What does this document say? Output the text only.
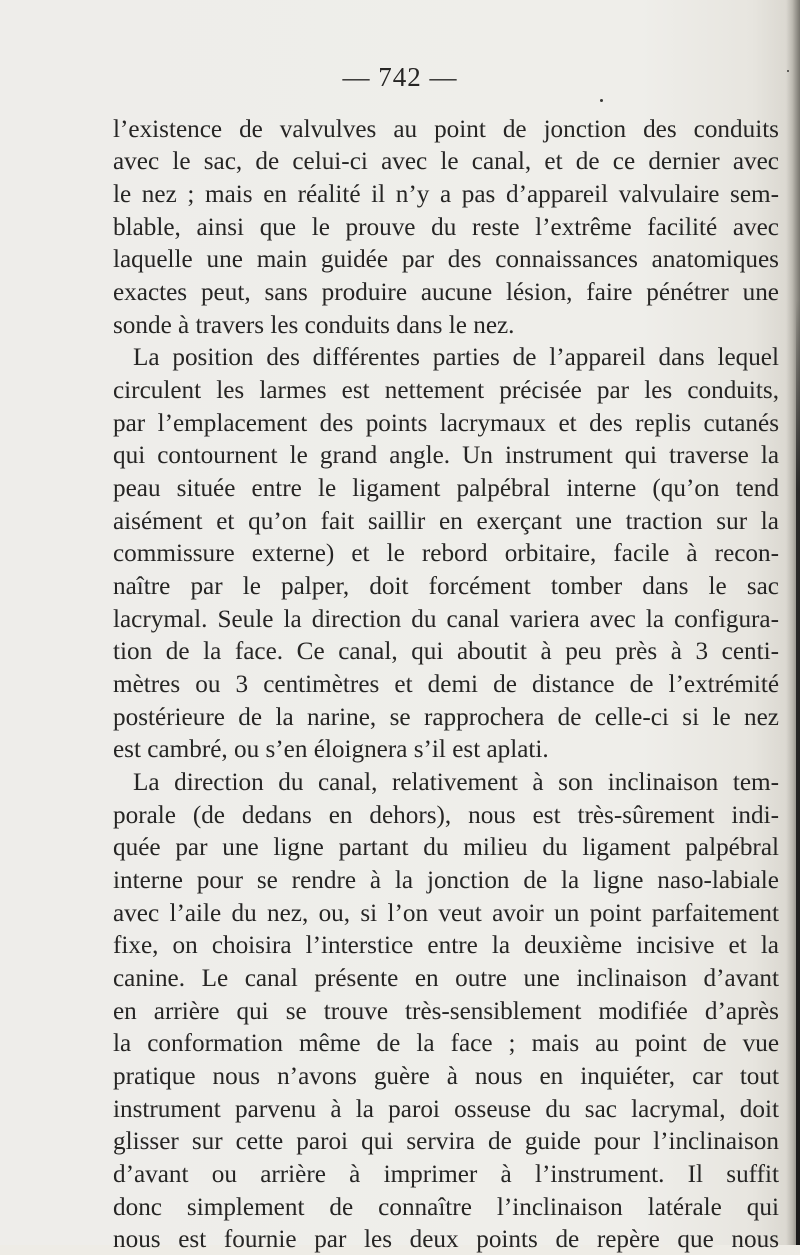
— 742 —
l’existence de valvulves au point de jonction des conduits
avec le sac, de celui-ci avec le canal, et de ce dernier avec
le nez ; mais en réalité il n’y a pas d’appareil valvulaire sem-
blable, ainsi que le prouve du reste l’extrême facilité avec
laquelle une main guidée par des connaissances anatomiques
exactes peut, sans produire aucune lésion, faire pénétrer une
sonde à travers les conduits dans le nez.
La position des différentes parties de l’appareil dans lequel
circulent les larmes est nettement précisée par les conduits,
par l’emplacement des points lacrymaux et des replis cutanés
qui contournent le grand angle. Un instrument qui traverse la
peau située entre le ligament palpébral interne (qu’on tend
aisément et qu’on fait saillir en exerçant une traction sur la
commissure externe) et le rebord orbitaire, facile à recon-
naître par le palper, doit forcément tomber dans le sac
lacrymal. Seule la direction du canal variera avec la configura-
tion de la face. Ce canal, qui aboutit à peu près à 3 centi-
mètres ou 3 centimètres et demi de distance de l’extrémité
postérieure de la narine, se rapprochera de celle-ci si le nez
est cambré, ou s’en éloignera s’il est aplati.
La direction du canal, relativement à son inclinaison tem-
porale (de dedans en dehors), nous est très-sûrement indi-
quée par une ligne partant du milieu du ligament palpébral
interne pour se rendre à la jonction de la ligne naso-labiale
avec l’aile du nez, ou, si l’on veut avoir un point parfaitement
fixe, on choisira l’interstice entre la deuxième incisive et la
canine. Le canal présente en outre une inclinaison d’avant
en arrière qui se trouve très-sensiblement modifiée d’après
la conformation même de la face ; mais au point de vue
pratique nous n’avons guère à nous en inquiéter, car tout
instrument parvenu à la paroi osseuse du sac lacrymal, doit
glisser sur cette paroi qui servira de guide pour l’inclinaison
d’avant ou arrière à imprimer à l’instrument. Il suffit
donc simplement de connaître l’inclinaison latérale qui
nous est fournie par les deux points de repère que nous
